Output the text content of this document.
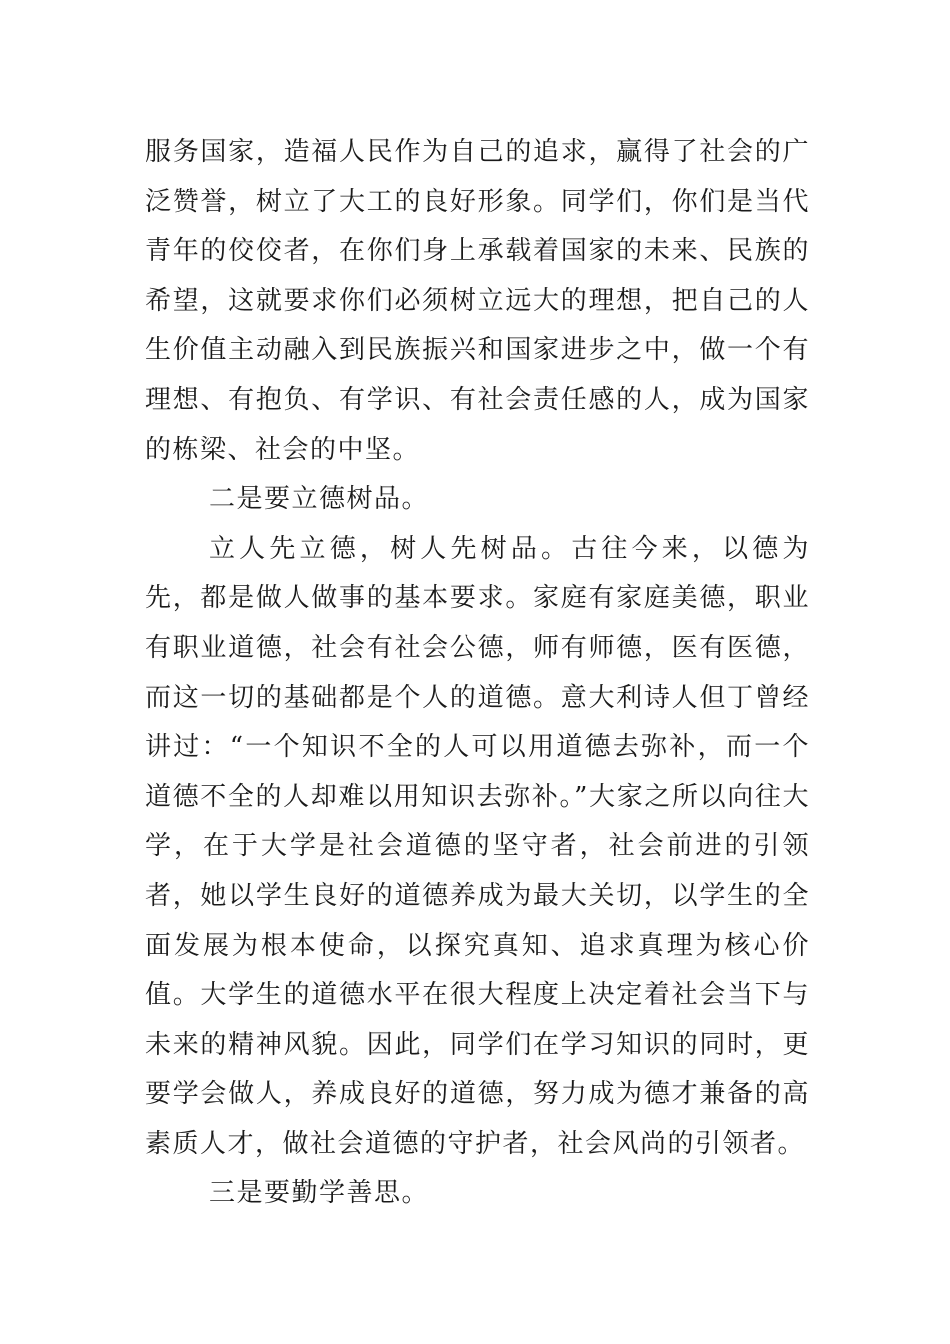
服务国家，造福人民作为自己的追求，赢得了社会的广泛赞誉，树立了大工的良好形象。同学们，你们是当代青年的佼佼者，在你们身上承载着国家的未来、民族的希望，这就要求你们必须树立远大的理想，把自己的人生价值主动融入到民族振兴和国家进步之中，做一个有理想、有抱负、有学识、有社会责任感的人，成为国家的栋梁、社会的中坚。

二是要立德树品。

立人先立德，树人先树品。古往今来，以德为先，都是做人做事的基本要求。家庭有家庭美德，职业有职业道德，社会有社会公德，师有师德，医有医德，而这一切的基础都是个人的道德。意大利诗人但丁曾经讲过：“一个知识不全的人可以用道德去弥补，而一个道德不全的人却难以用知识去弥补。”大家之所以向往大学，在于大学是社会道德的坚守者，社会前进的引领者，她以学生良好的道德养成为最大关切，以学生的全面发展为根本使命，以探究真知、追求真理为核心价值。大学生的道德水平在很大程度上决定着社会当下与未来的精神风貌。因此，同学们在学习知识的同时，更要学会做人，养成良好的道德，努力成为德才兼备的高素质人才，做社会道德的守护者，社会风尚的引领者。

三是要勤学善思。
